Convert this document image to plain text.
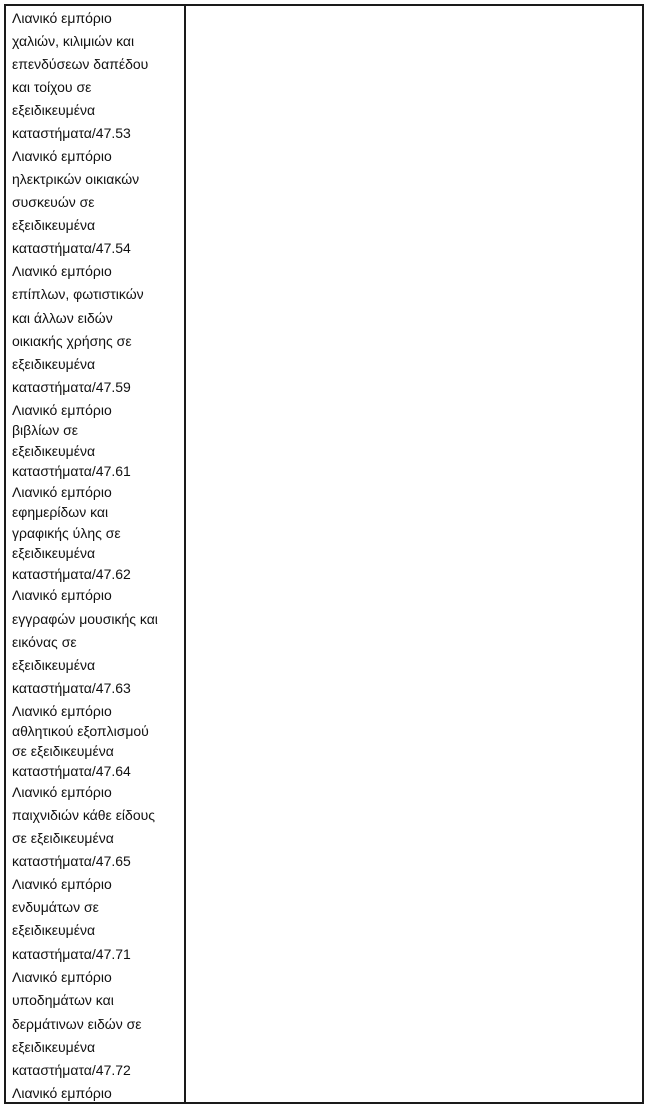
Λιανικό εμπόριο
χαλιών, κιλιμιών και
επενδύσεων δαπέδου
και τοίχου σε
εξειδικευμένα
καταστήματα/47.53
Λιανικό εμπόριο
ηλεκτρικών οικιακών
συσκευών σε
εξειδικευμένα
καταστήματα/47.54
Λιανικό εμπόριο
επίπλων, φωτιστικών
και άλλων ειδών
οικιακής χρήσης σε
εξειδικευμένα
καταστήματα/47.59
Λιανικό εμπόριο
βιβλίων σε
εξειδικευμένα
καταστήματα/47.61
Λιανικό εμπόριο
εφημερίδων και
γραφικής ύλης σε
εξειδικευμένα
καταστήματα/47.62
Λιανικό εμπόριο
εγγραφών μουσικής και
εικόνας σε
εξειδικευμένα
καταστήματα/47.63
Λιανικό εμπόριο
αθλητικού εξοπλισμού
σε εξειδικευμένα
καταστήματα/47.64
Λιανικό εμπόριο
παιχνιδιών κάθε είδους
σε εξειδικευμένα
καταστήματα/47.65
Λιανικό εμπόριο
ενδυμάτων σε
εξειδικευμένα
καταστήματα/47.71
Λιανικό εμπόριο
υποδημάτων και
δερμάτινων ειδών σε
εξειδικευμένα
καταστήματα/47.72
Λιανικό εμπόριο
